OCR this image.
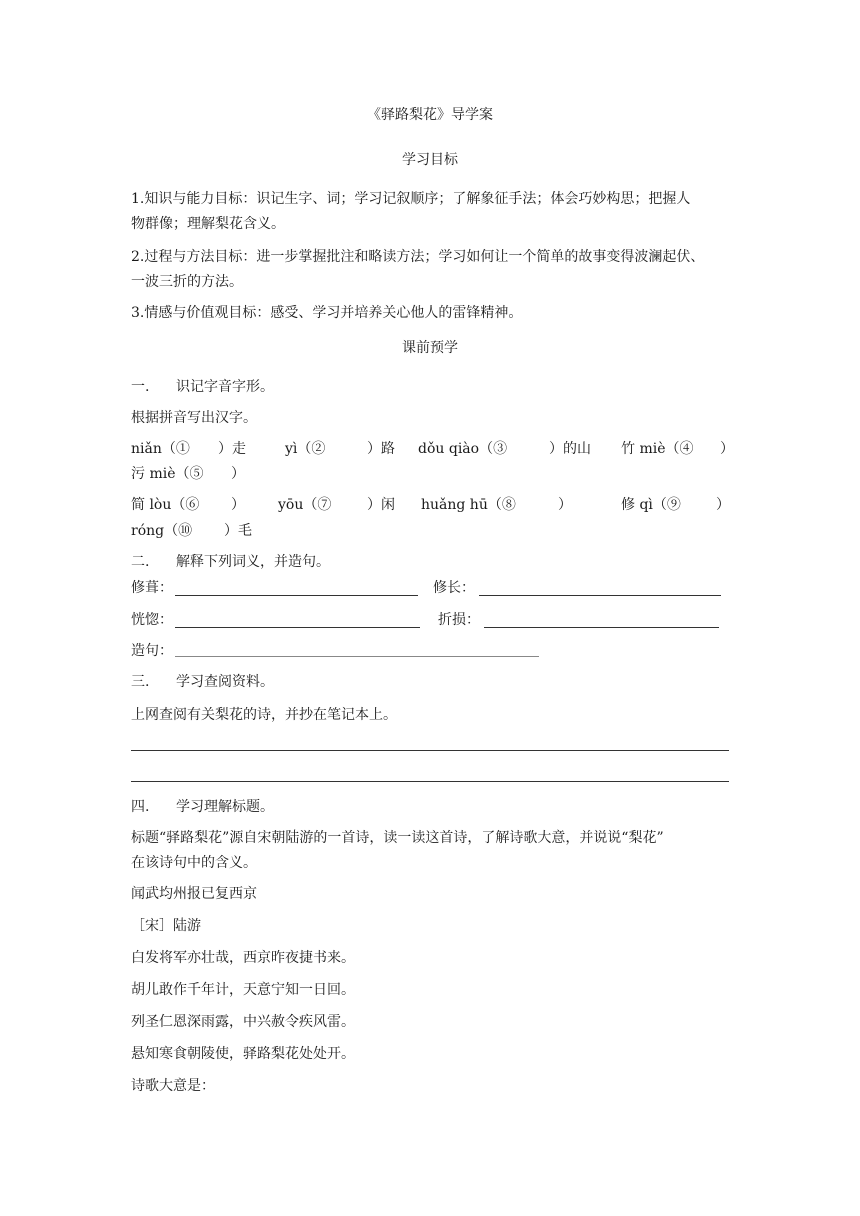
《驿路梨花》导学案
学习目标
1.知识与能力目标：识记生字、词；学习记叙顺序；了解象征手法；体会巧妙构思；把握人
物群像；理解梨花含义。
2.过程与方法目标：进一步掌握批注和略读方法；学习如何让一个简单的故事变得波澜起伏、
一波三折的方法。
3.情感与价值观目标：感受、学习并培养关心他人的雷锋精神。
课前预学
一. 识记字音字形。
根据拼音写出汉字。
niǎn（① ）走	yì（②	）路 dǒu qiào（③	）的山 竹 miè（④ ）
污 miè（⑤ ）
简 lòu（⑥ ） yōu（⑦	）闲 huǎng hū（⑧	）	修 qì（⑨	）
róng（⑩ ）毛
二. 解释下列词义，并造句。
修葺：	修长：
恍惚：	折损：
造句：
三. 学习查阅资料。
上网查阅有关梨花的诗，并抄在笔记本上。
四. 学习理解标题。
标题“驿路梨花”源自宋朝陆游的一首诗，读一读这首诗，了解诗歌大意，并说说“梨花”
在该诗句中的含义。
闻武均州报已复西京
［宋］陆游
白发将军亦壮哉，西京昨夜捷书来。
胡儿敢作千年计，天意宁知一日回。
列圣仁恩深雨露，中兴赦令疾风雷。
悬知寒食朝陵使，驿路梨花处处开。
诗歌大意是：
